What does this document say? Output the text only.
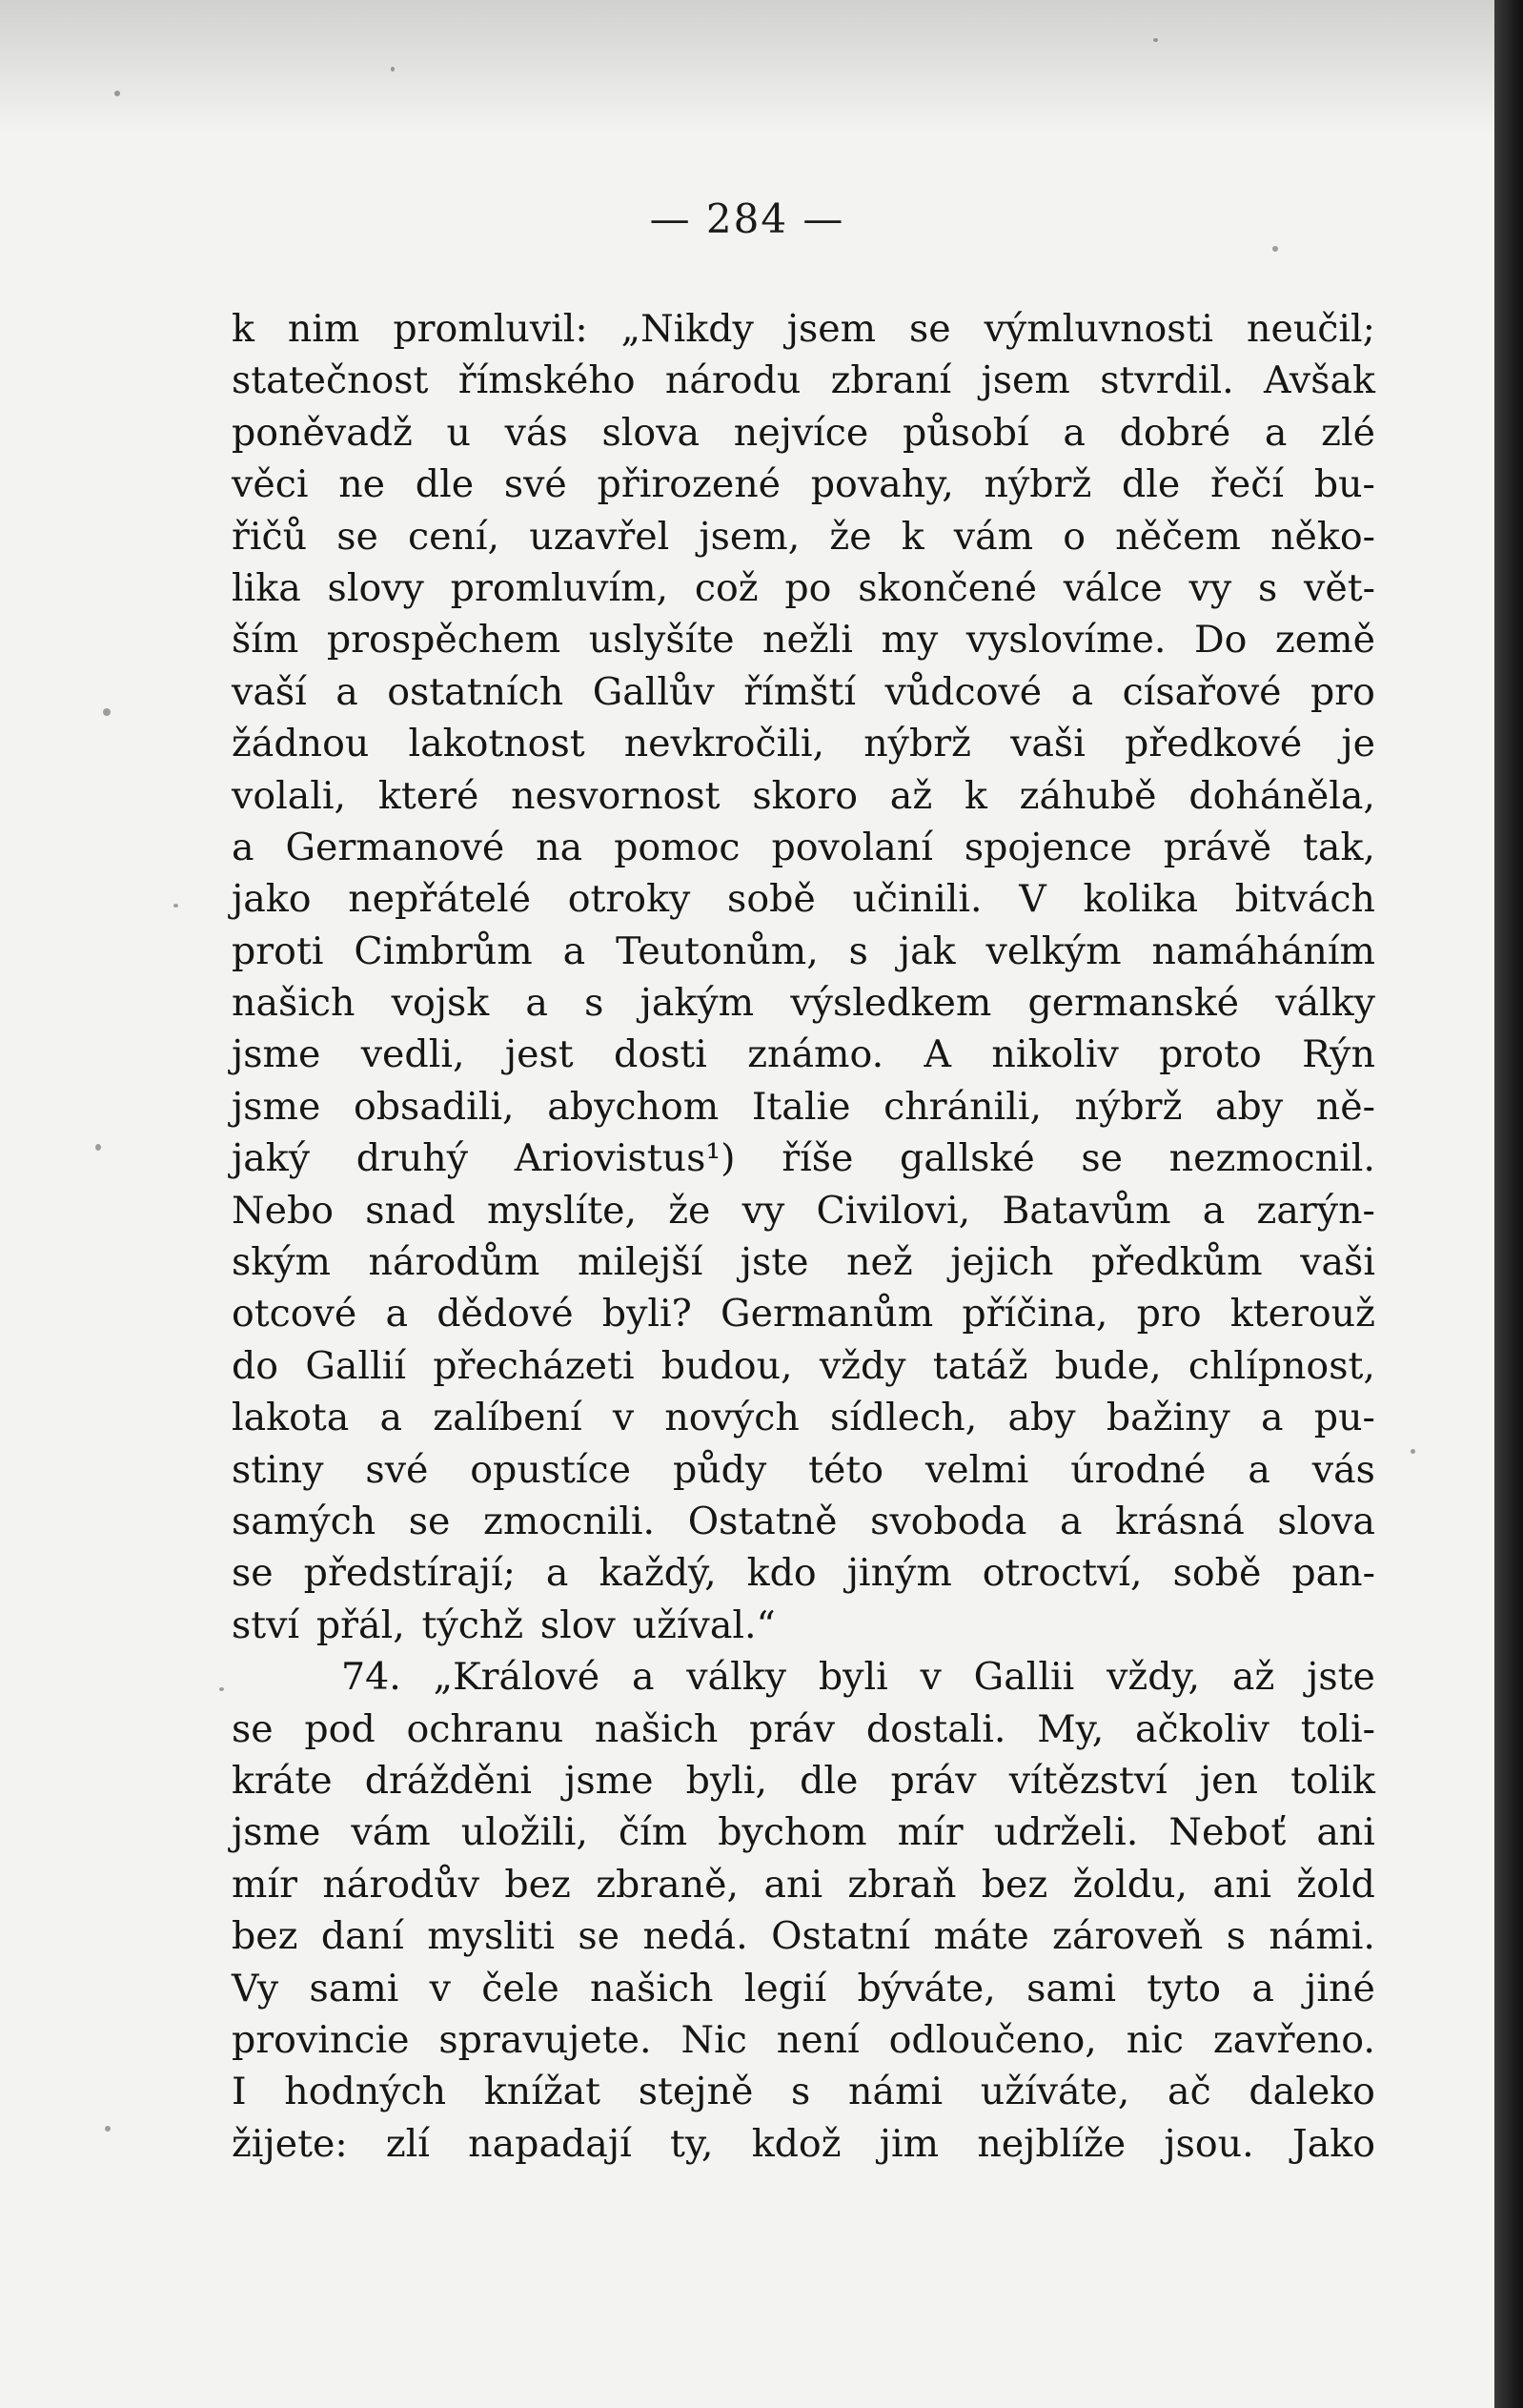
— 284 —
k nim promluvil: „Nikdy jsem se výmluvnosti neučil;
statečnost římského národu zbraní jsem stvrdil. Avšak
poněvadž u vás slova nejvíce působí a dobré a zlé
věci ne dle své přirozené povahy, nýbrž dle řečí bu-
řičů se cení, uzavřel jsem, že k vám o něčem něko-
lika slovy promluvím, což po skončené válce vy s vět-
ším prospěchem uslyšíte nežli my vyslovíme. Do země
vaší a ostatních Gallův římští vůdcové a císařové pro
žádnou lakotnost nevkročili, nýbrž vaši předkové je
volali, které nesvornost skoro až k záhubě doháněla,
a Germanové na pomoc povolaní spojence právě tak,
jako nepřátelé otroky sobě učinili. V kolika bitvách
proti Cimbrům a Teutonům, s jak velkým namáháním
našich vojsk a s jakým výsledkem germanské války
jsme vedli, jest dosti známo. A nikoliv proto Rýn
jsme obsadili, abychom Italie chránili, nýbrž aby ně-
jaký druhý Ariovistus¹) říše gallské se nezmocnil.
Nebo snad myslíte, že vy Civilovi, Batavům a zarýn-
ským národům milejší jste než jejich předkům vaši
otcové a dědové byli? Germanům příčina, pro kterouž
do Gallií přecházeti budou, vždy tatáž bude, chlípnost,
lakota a zalíbení v nových sídlech, aby bažiny a pu-
stiny své opustíce půdy této velmi úrodné a vás
samých se zmocnili. Ostatně svoboda a krásná slova
se předstírají; a každý, kdo jiným otroctví, sobě pan-
ství přál, týchž slov užíval.“
74. „Králové a války byli v Gallii vždy, až jste
se pod ochranu našich práv dostali. My, ačkoliv toli-
kráte drážděni jsme byli, dle práv vítězství jen tolik
jsme vám uložili, čím bychom mír udrželi. Neboť ani
mír národův bez zbraně, ani zbraň bez žoldu, ani žold
bez daní mysliti se nedá. Ostatní máte zároveň s námi.
Vy sami v čele našich legií býváte, sami tyto a jiné
provincie spravujete. Nic není odloučeno, nic zavřeno.
I hodných knížat stejně s námi užíváte, ač daleko
žijete: zlí napadají ty, kdož jim nejblíže jsou. Jako
